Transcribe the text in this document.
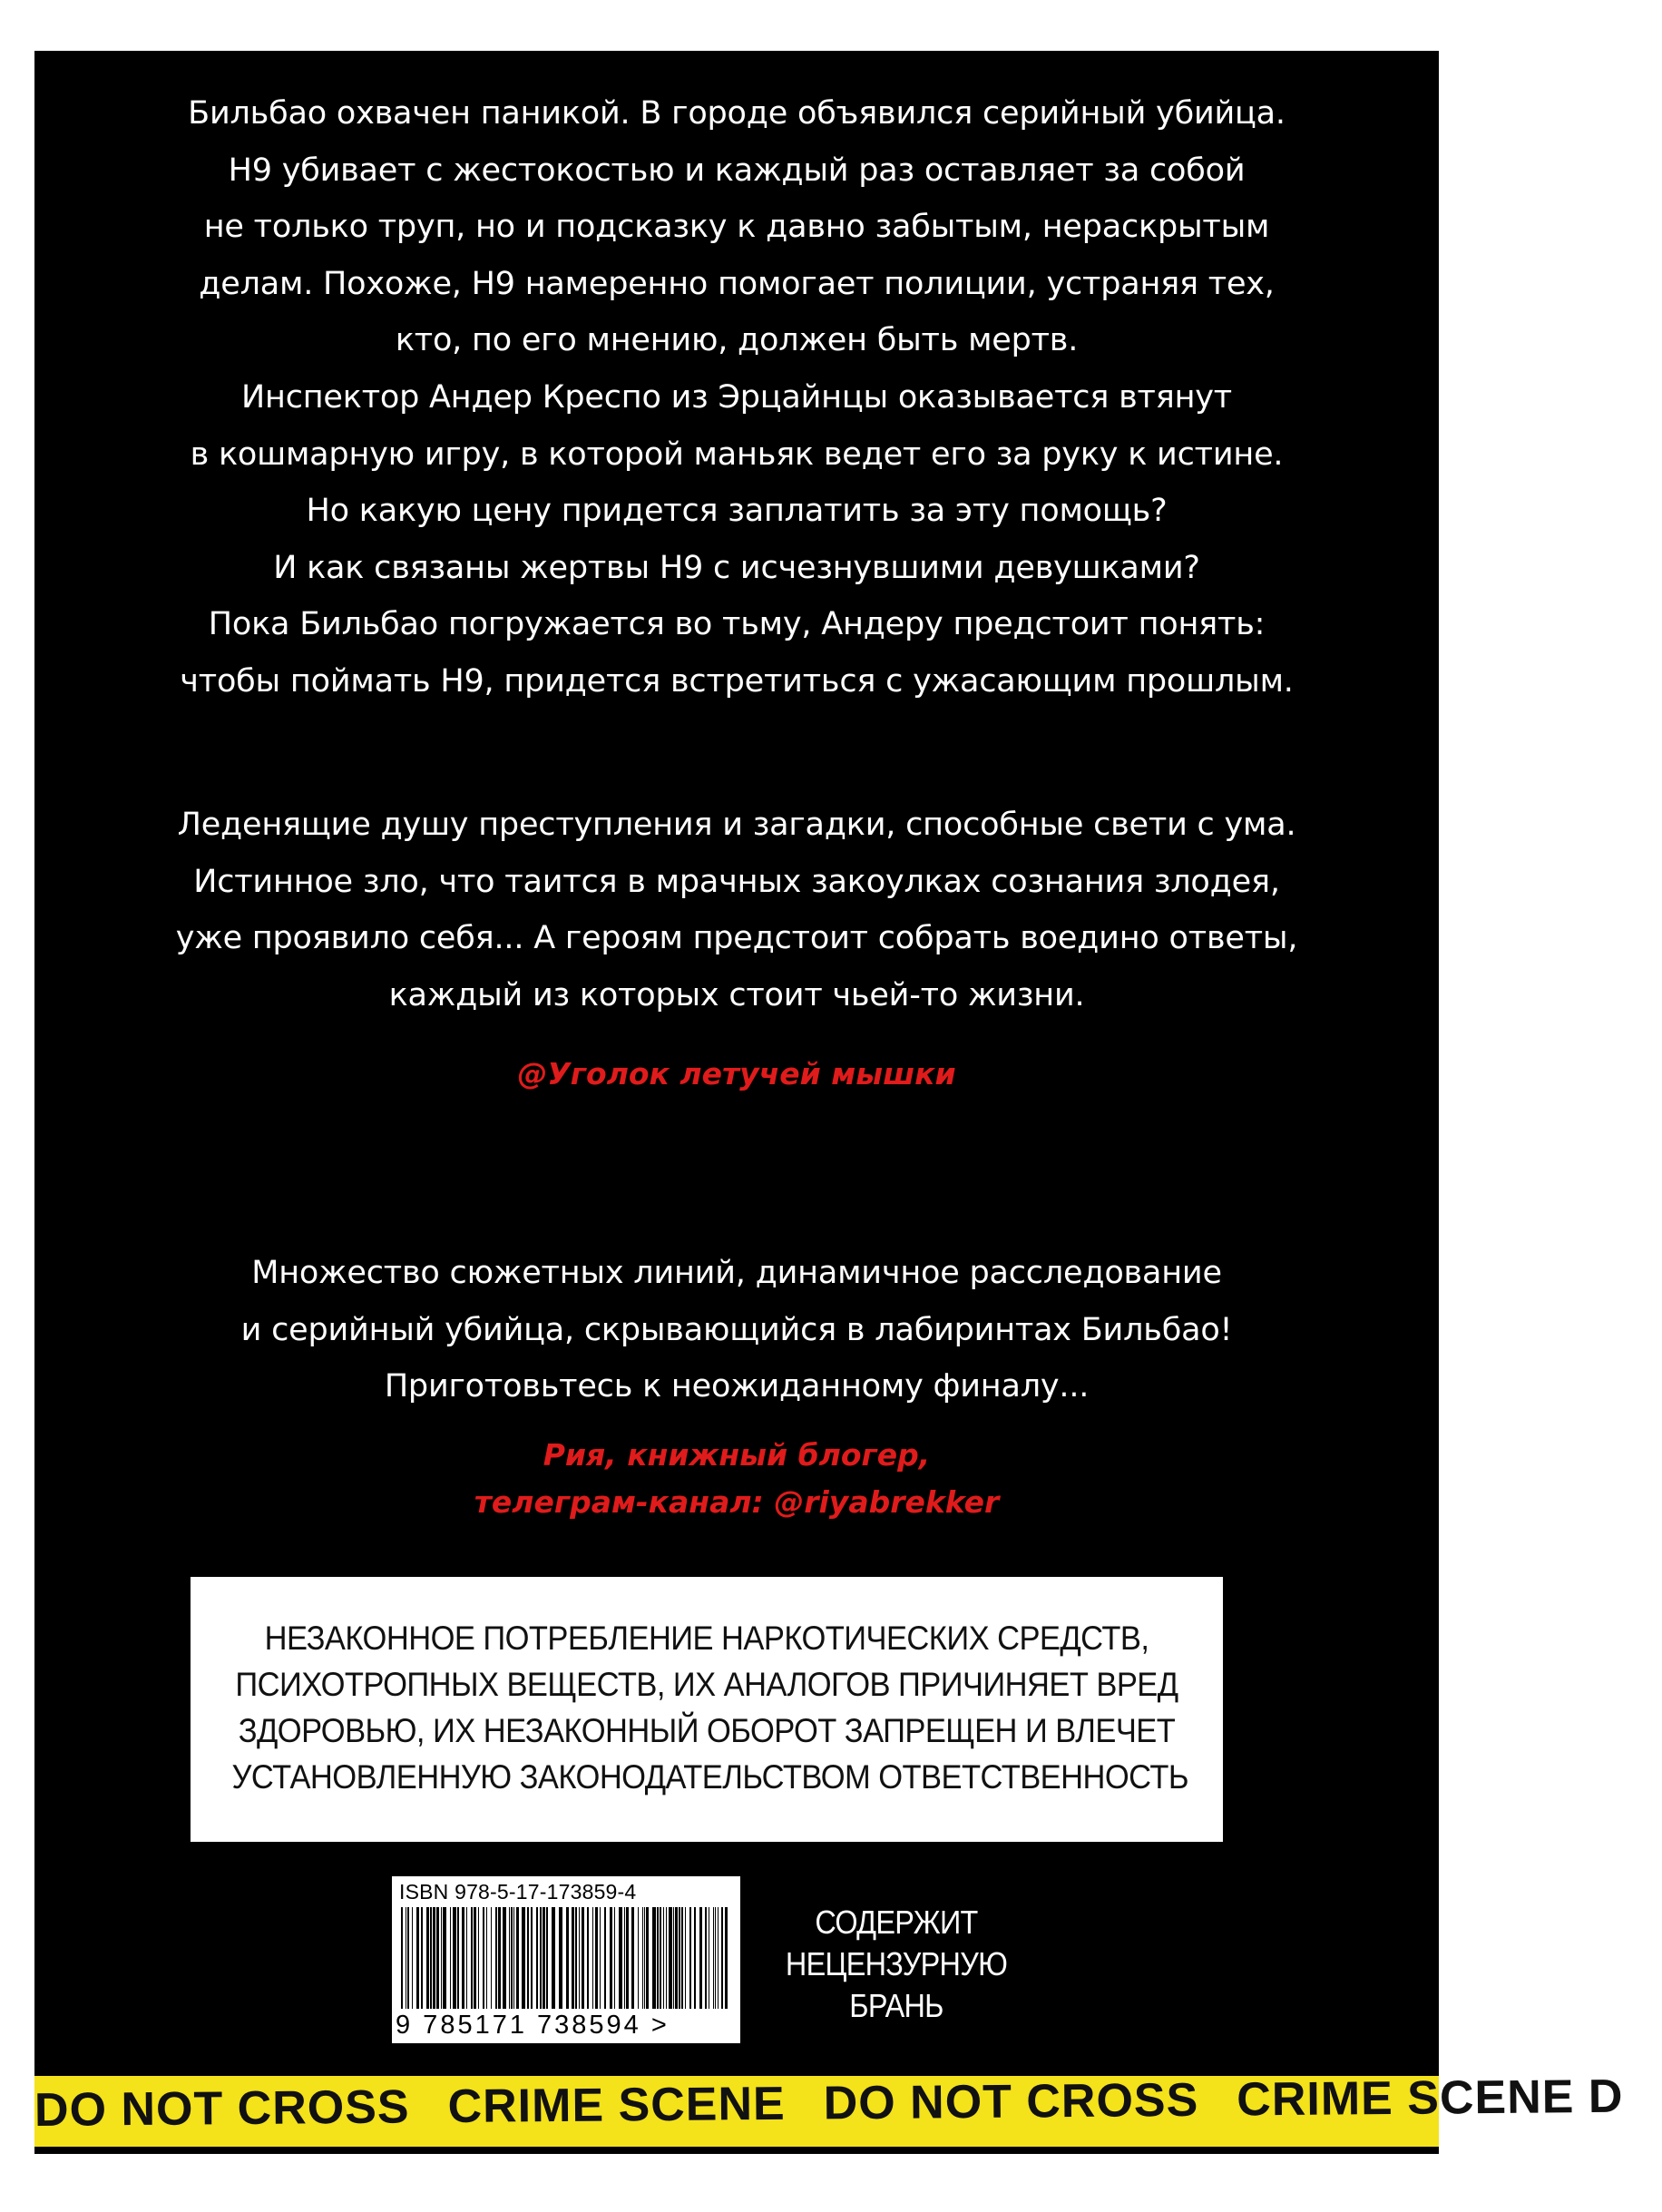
Бильбао охвачен паникой. В городе объявился серийный убийца.
Н9 убивает с жестокостью и каждый раз оставляет за собой
не только труп, но и подсказку к давно забытым, нераскрытым
делам. Похоже, Н9 намеренно помогает полиции, устраняя тех,
кто, по его мнению, должен быть мертв.
Инспектор Андер Креспо из Эрцайнцы оказывается втянут
в кошмарную игру, в которой маньяк ведет его за руку к истине.
Но какую цену придется заплатить за эту помощь?
И как связаны жертвы Н9 с исчезнувшими девушками?
Пока Бильбао погружается во тьму, Андеру предстоит понять:
чтобы поймать Н9, придется встретиться с ужасающим прошлым.

Леденящие душу преступления и загадки, способные свети с ума.
Истинное зло, что таится в мрачных закоулках сознания злодея,
уже проявило себя... А героям предстоит собрать воедино ответы,
каждый из которых стоит чьей-то жизни.

@Уголок летучей мышки

Множество сюжетных линий, динамичное расследование
и серийный убийца, скрывающийся в лабиринтах Бильбао!
Приготовьтесь к неожиданному финалу...

Рия, книжный блогер,
телеграм-канал: @riyabrekker
НЕЗАКОННОЕ ПОТРЕБЛЕНИЕ НАРКОТИЧЕСКИХ СРЕДСТВ,
ПСИХОТРОПНЫХ ВЕЩЕСТВ, ИХ АНАЛОГОВ ПРИЧИНЯЕТ ВРЕД
ЗДОРОВЬЮ, ИХ НЕЗАКОННЫЙ ОБОРОТ ЗАПРЕЩЕН И ВЛЕЧЕТ
УСТАНОВЛЕННУЮ ЗАКОНОДАТЕЛЬСТВОМ ОТВЕТСТВЕННОСТЬ
ISBN 978-5-17-173859-4
9 785171 738594 >
СОДЕРЖИТ
НЕЦЕНЗУРНУЮ
БРАНЬ
DO NOT CROSS CRIME SCENE DO NOT CROSS CRIME SCENE D
